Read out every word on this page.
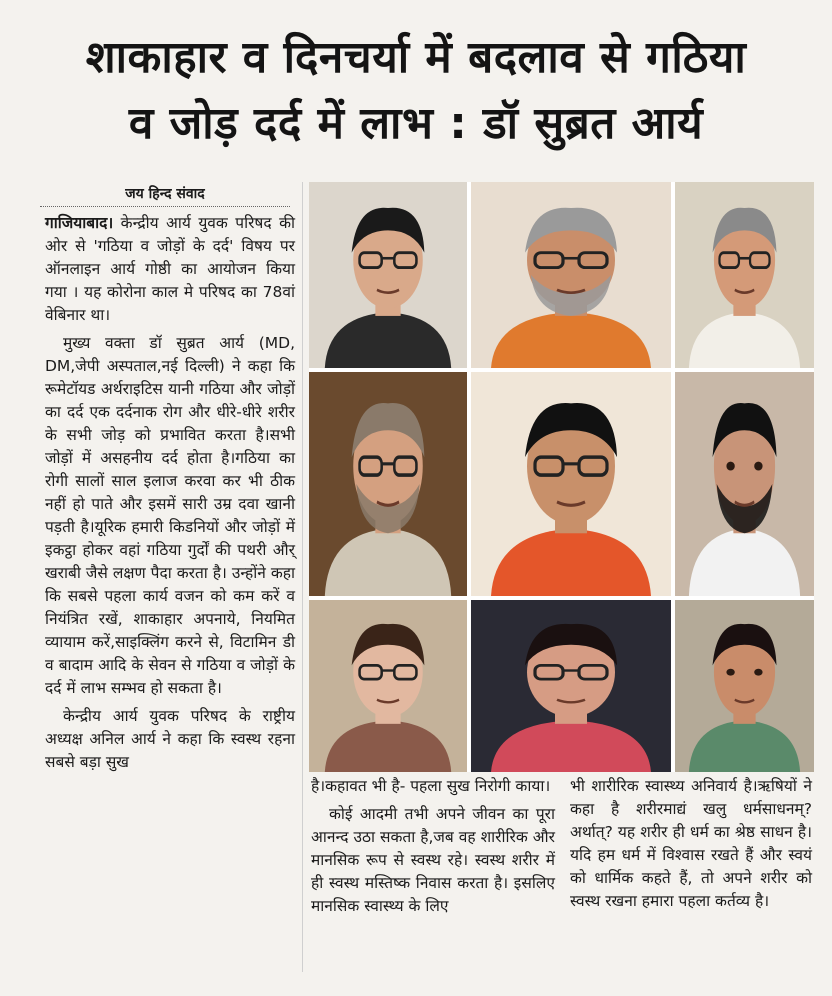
शाकाहार व दिनचर्या में बदलाव से गठिया
व जोड़ दर्द में लाभ : डॉ सुब्रत आर्य
जय हिन्द संवाद

गाजियाबाद। केन्द्रीय आर्य युवक परिषद की ओर से 'गठिया व जोड़ों के दर्द' विषय पर ऑनलाइन आर्य गोष्ठी का आयोजन किया गया । यह कोरोना काल मे परिषद का 78वां वेबिनार था।

मुख्य वक्ता डॉ सुब्रत आर्य (MD, DM,जेपी अस्पताल,नई दिल्ली) ने कहा कि रूमेटॉयड अर्थराइटिस यानी गठिया और जोड़ों का दर्द एक दर्दनाक रोग और धीरे-धीरे शरीर के सभी जोड़ को प्रभावित करता है।सभी जोड़ों में असहनीय दर्द होता है।गठिया का रोगी सालों साल इलाज करवा कर भी ठीक नहीं हो पाते और इसमें सारी उम्र दवा खानी पड़ती है।यूरिक हमारी किडनियों और जोड़ों में इकट्ठा होकर वहां गठिया गुर्दों की पथरी और् खराबी जैसे लक्षण पैदा करता है। उन्होंने कहा कि सबसे पहला कार्य वजन को कम करें व नियंत्रित रखें, शाकाहार अपनाये, नियमित व्यायाम करें,साइक्लिंग करने से, विटामिन डी व बादाम आदि के सेवन से गठिया व जोड़ों के दर्द में लाभ सम्भव हो सकता है।

केन्द्रीय आर्य युवक परिषद के राष्ट्रीय अध्यक्ष अनिल आर्य ने कहा कि स्वस्थ रहना सबसे बड़ा सुख

है।कहावत भी है- पहला सुख निरोगी काया।

कोई आदमी तभी अपने जीवन का पूरा आनन्द उठा सकता है,जब वह शारीरिक और मानसिक रूप से स्वस्थ रहे। स्वस्थ शरीर में ही स्वस्थ मस्तिष्क निवास करता है। इसलिए मानसिक स्वास्थ्य के लिए

भी शारीरिक स्वास्थ्य अनिवार्य है।ऋषियों ने कहा है शरीरमाद्यं खलु धर्मसाधनम्? अर्थात्? यह शरीर ही धर्म का श्रेष्ठ साधन है।यदि हम धर्म में विश्वास रखते हैं और स्वयं को धार्मिक कहते हैं, तो अपने शरीर को स्वस्थ रखना हमारा पहला कर्तव्य है।
